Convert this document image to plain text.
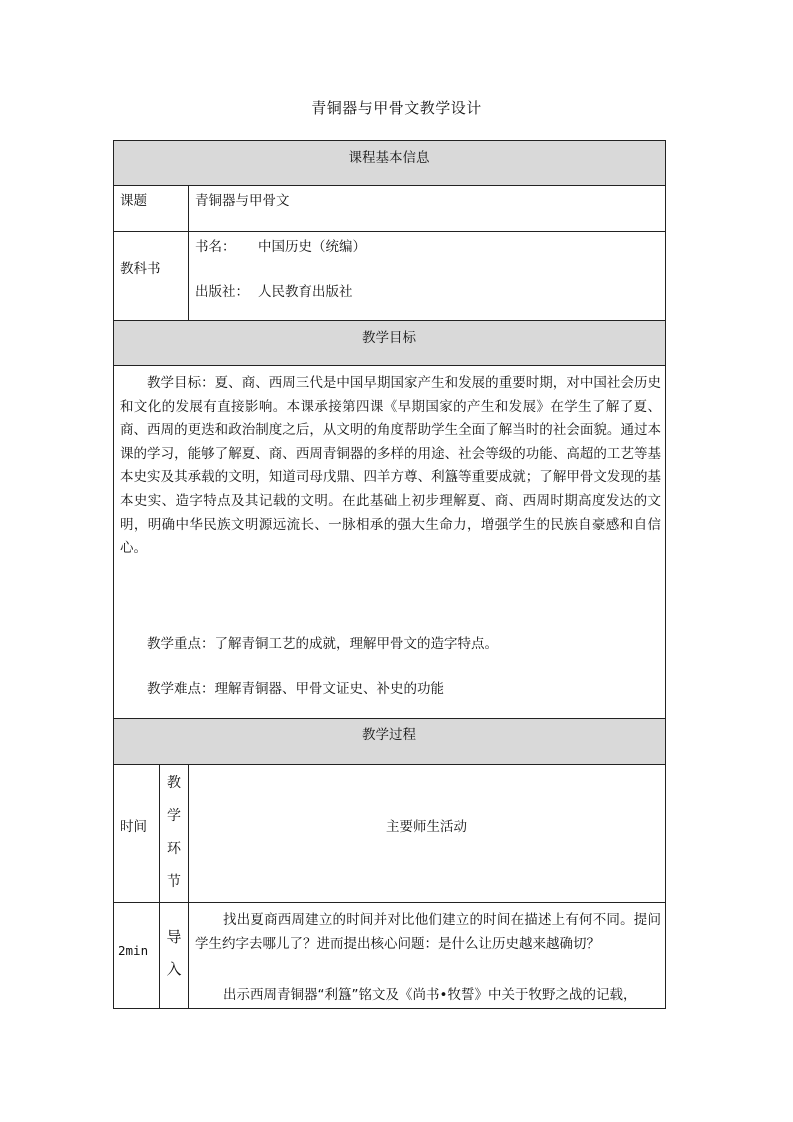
青铜器与甲骨文教学设计
课程基本信息
课题	青铜器与甲骨文
教科书
书名： 中国历史（统编）
出版社： 人民教育出版社
教学目标
教学目标：夏、商、西周三代是中国早期国家产生和发展的重要时期，对中国社会历史和文化的发展有直接影响。本课承接第四课《早期国家的产生和发展》在学生了解了夏、商、西周的更迭和政治制度之后，从文明的角度帮助学生全面了解当时的社会面貌。通过本课的学习，能够了解夏、商、西周青铜器的多样的用途、社会等级的功能、高超的工艺等基本史实及其承载的文明，知道司母戊鼎、四羊方尊、利簋等重要成就；了解甲骨文发现的基本史实、造字特点及其记载的文明。在此基础上初步理解夏、商、西周时期高度发达的文明，明确中华民族文明源远流长、一脉相承的强大生命力，增强学生的民族自豪感和自信心。
教学重点：了解青铜工艺的成就，理解甲骨文的造字特点。
教学难点：理解青铜器、甲骨文证史、补史的功能
教学过程
时间
教
学
环
节
主要师生活动
2min
导
入
找出夏商西周建立的时间并对比他们建立的时间在描述上有何不同。提问学生约字去哪儿了？进而提出核心问题：是什么让历史越来越确切？
出示西周青铜器“利簋”铭文及《尚书•牧誓》中关于牧野之战的记载，
